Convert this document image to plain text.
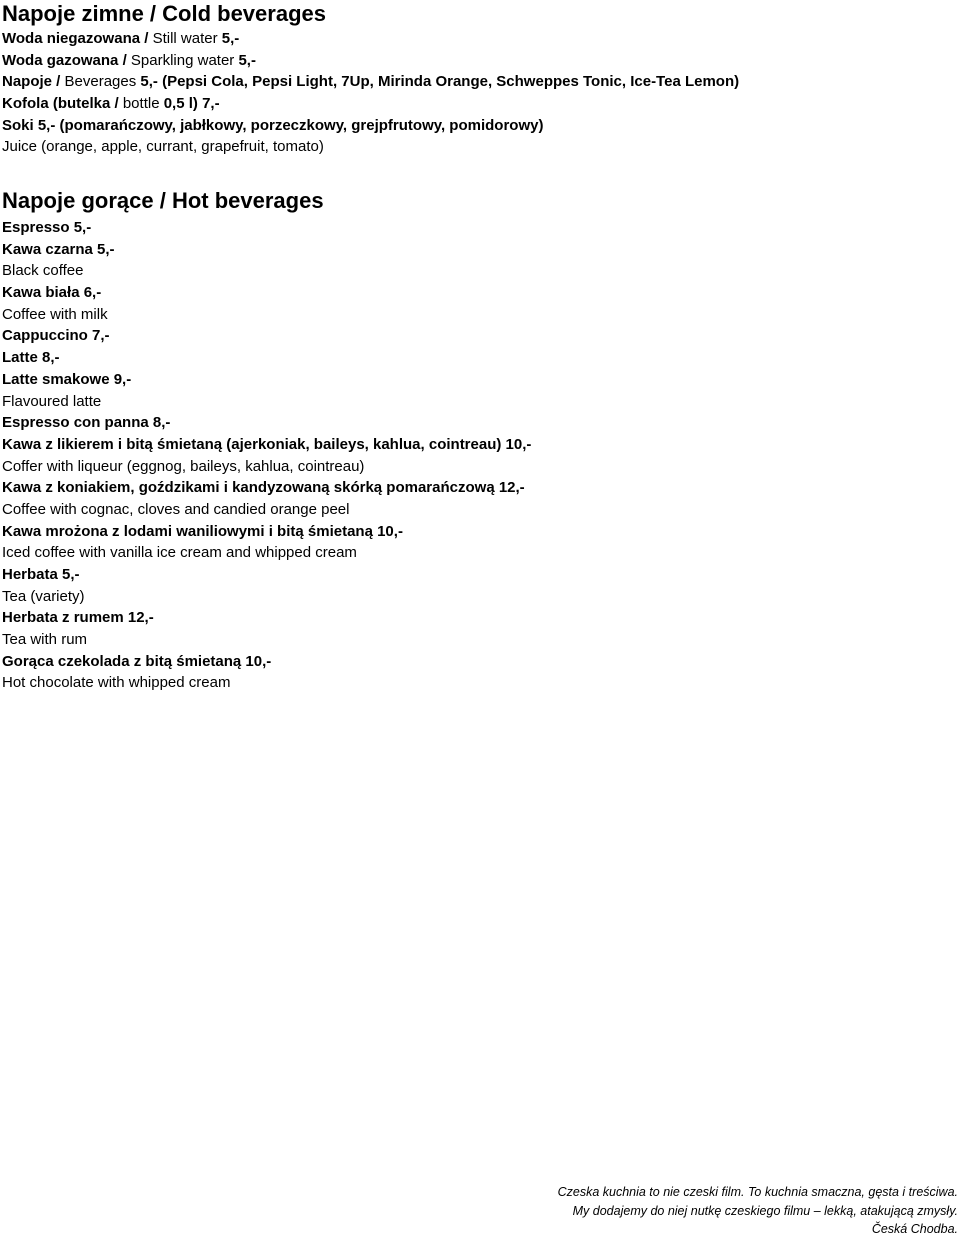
Napoje zimne / Cold beverages
Woda niegazowana / Still water 5,-
Woda gazowana / Sparkling water 5,-
Napoje / Beverages 5,- (Pepsi Cola, Pepsi Light, 7Up, Mirinda Orange, Schweppes Tonic, Ice-Tea Lemon)
Kofola (butelka / bottle 0,5 l) 7,-
Soki 5,- (pomarańczowy, jabłkowy, porzeczkowy, grejpfrutowy, pomidorowy)
Juice (orange, apple, currant, grapefruit, tomato)
Napoje gorące / Hot beverages
Espresso 5,-
Kawa czarna 5,-
Black coffee
Kawa biała 6,-
Coffee with milk
Cappuccino 7,-
Latte 8,-
Latte smakowe 9,-
Flavoured latte
Espresso con panna 8,-
Kawa z likierem i bitą śmietaną (ajerkoniak, baileys, kahlua, cointreau) 10,-
Coffer with liqueur (eggnog, baileys, kahlua, cointreau)
Kawa z koniakiem, goździkami i kandyzowaną skórką pomarańczową 12,-
Coffee with cognac, cloves and candied orange peel
Kawa mrożona z lodami waniliowymi i bitą śmietaną 10,-
Iced coffee with vanilla ice cream and whipped cream
Herbata 5,-
Tea (variety)
Herbata z rumem 12,-
Tea with rum
Gorąca czekolada z bitą śmietaną 10,-
Hot chocolate with whipped cream
Czeska kuchnia to nie czeski film. To kuchnia smaczna, gęsta i treściwa.
My dodajemy do niej nutkę czeskiego filmu – lekką, atakującą zmysły.
Česká Chodba.
